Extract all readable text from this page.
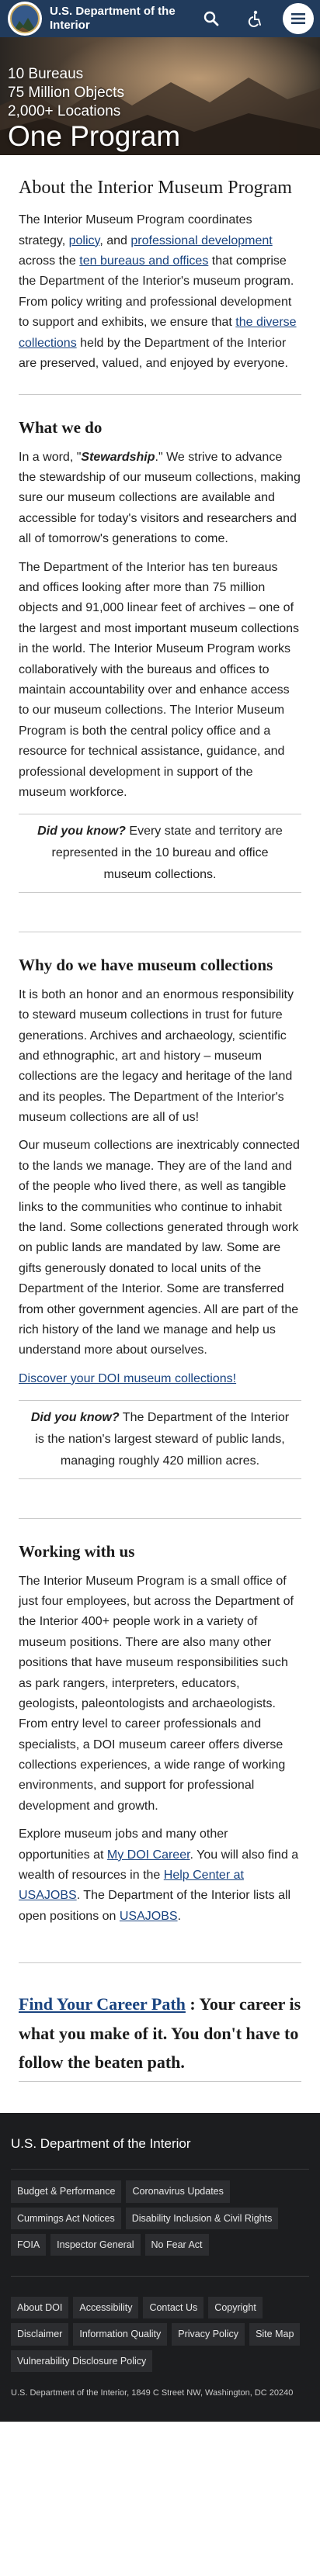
U.S. Department of the Interior
10 Bureaus
75 Million Objects
2,000+ Locations
One Program
About the Interior Museum Program

The Interior Museum Program coordinates strategy, policy, and professional development across the ten bureaus and offices that comprise the Department of the Interior's museum program. From policy writing and professional development to support and exhibits, we ensure that the diverse collections held by the Department of the Interior are preserved, valued, and enjoyed by everyone.

What we do

In a word, "Stewardship." We strive to advance the stewardship of our museum collections, making sure our museum collections are available and accessible for today's visitors and researchers and all of tomorrow's generations to come.

The Department of the Interior has ten bureaus and offices looking after more than 75 million objects and 91,000 linear feet of archives – one of the largest and most important museum collections in the world. The Interior Museum Program works collaboratively with the bureaus and offices to maintain accountability over and enhance access to our museum collections. The Interior Museum Program is both the central policy office and a resource for technical assistance, guidance, and professional development in support of the museum workforce.

Did you know? Every state and territory are represented in the 10 bureau and office museum collections.
Why do we have museum collections

It is both an honor and an enormous responsibility to steward museum collections in trust for future generations. Archives and archaeology, scientific and ethnographic, art and history – museum collections are the legacy and heritage of the land and its peoples. The Department of the Interior's museum collections are all of us!

Our museum collections are inextricably connected to the lands we manage. They are of the land and of the people who lived there, as well as tangible links to the communities who continue to inhabit the land. Some collections generated through work on public lands are mandated by law. Some are gifts generously donated to local units of the Department of the Interior. Some are transferred from other government agencies. All are part of the rich history of the land we manage and help us understand more about ourselves.

Discover your DOI museum collections!
Did you know? The Department of the Interior is the nation's largest steward of public lands, managing roughly 420 million acres.
Working with us

The Interior Museum Program is a small office of just four employees, but across the Department of the Interior 400+ people work in a variety of museum positions. There are also many other positions that have museum responsibilities such as park rangers, interpreters, educators, geologists, paleontologists and archaeologists. From entry level to career professionals and specialists, a DOI museum career offers diverse collections experiences, a wide range of working environments, and support for professional development and growth.

Explore museum jobs and many other opportunities at My DOI Career. You will also find a wealth of resources in the Help Center at USAJOBS. The Department of the Interior lists all open positions on USAJOBS.

Find Your Career Path : Your career is what you make of it. You don't have to follow the beaten path.
U.S. Department of the Interior
Budget & Performance	Coronavirus Updates
Cummings Act Notices	Disability Inclusion & Civil Rights
FOIA	Inspector General	No Fear Act
About DOI	Accessibility	Contact Us	Copyright
Disclaimer	Information Quality	Privacy Policy	Site Map
Vulnerability Disclosure Policy
U.S. Department of the Interior, 1849 C Street NW, Washington, DC 20240
